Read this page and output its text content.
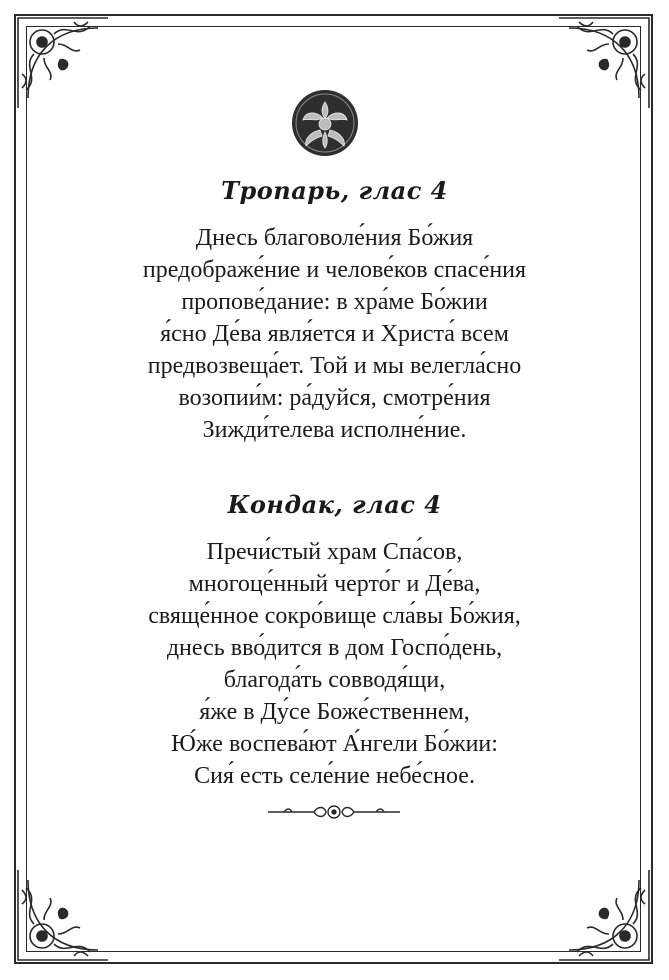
Тропарь, глас 4
Днесь благоволе́ния Бо́жия
предображе́ние и челове́ков спасе́ния
пропове́дание: в хра́ме Бо́жии
я́сно Де́ва явля́ется и Христа́ всем
предвозвеща́ет. Той и мы велегла́сно
возопии́м: ра́дуйся, смотре́ния
Зижди́телева исполне́ние.
Кондак, глас 4
Пречи́стый храм Спа́сов,
многоце́нный черто́г и Де́ва,
свяще́нное сокро́вище сла́вы Бо́жия,
днесь вво́дится в дом Госпо́день,
благода́ть совводя́щи,
я́же в Ду́се Боже́ственнем,
Ю́же воспева́ют А́нгели Бо́жии:
Сия́ есть селе́ние небе́сное.
